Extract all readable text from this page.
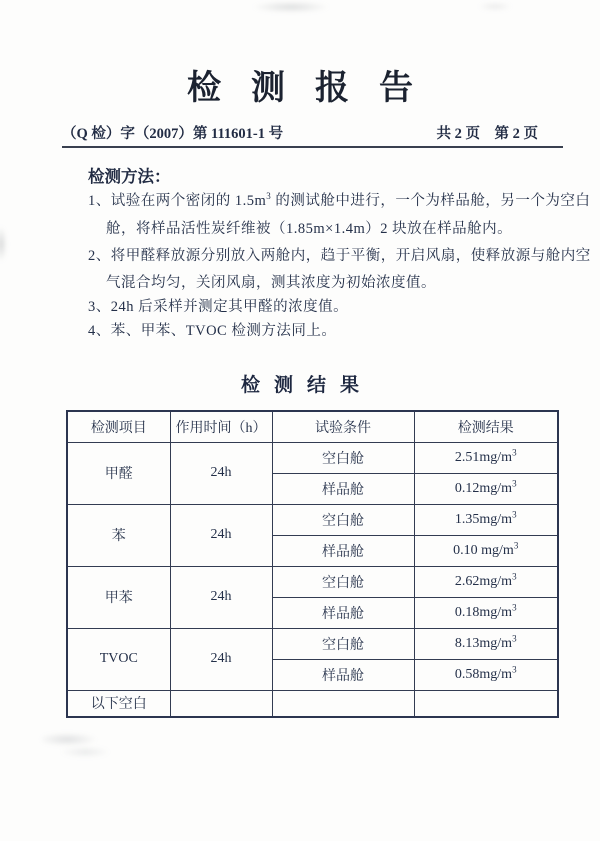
检测报告
（Q 检）字（2007）第 111601-1 号	共 2 页　第 2 页
检测方法：
1、试验在两个密闭的 $1.5m^3$ 的测试舱中进行，一个为样品舱，另一个为空白
舱，将样品活性炭纤维被（1.85m×1.4m）2 块放在样品舱内。
2、将甲醛释放源分别放入两舱内，趋于平衡，开启风扇，使释放源与舱内空
气混合均匀，关闭风扇，测其浓度为初始浓度值。
3、24h 后采样并测定其甲醛的浓度值。
4、苯、甲苯、TVOC 检测方法同上。
检测结果
检测项目	作用时间（h）	试验条件	检测结果
甲醛	24h	空白舱	$2.51mg/m^3$
		样品舱	$0.12mg/m^3$
苯	24h	空白舱	$1.35mg/m^3$
		样品舱	0.10 $mg/m^3$
甲苯	24h	空白舱	$2.62mg/m^3$
		样品舱	$0.18mg/m^3$
TVOC	24h	空白舱	$8.13mg/m^3$
		样品舱	$0.58mg/m^3$
以下空白			
